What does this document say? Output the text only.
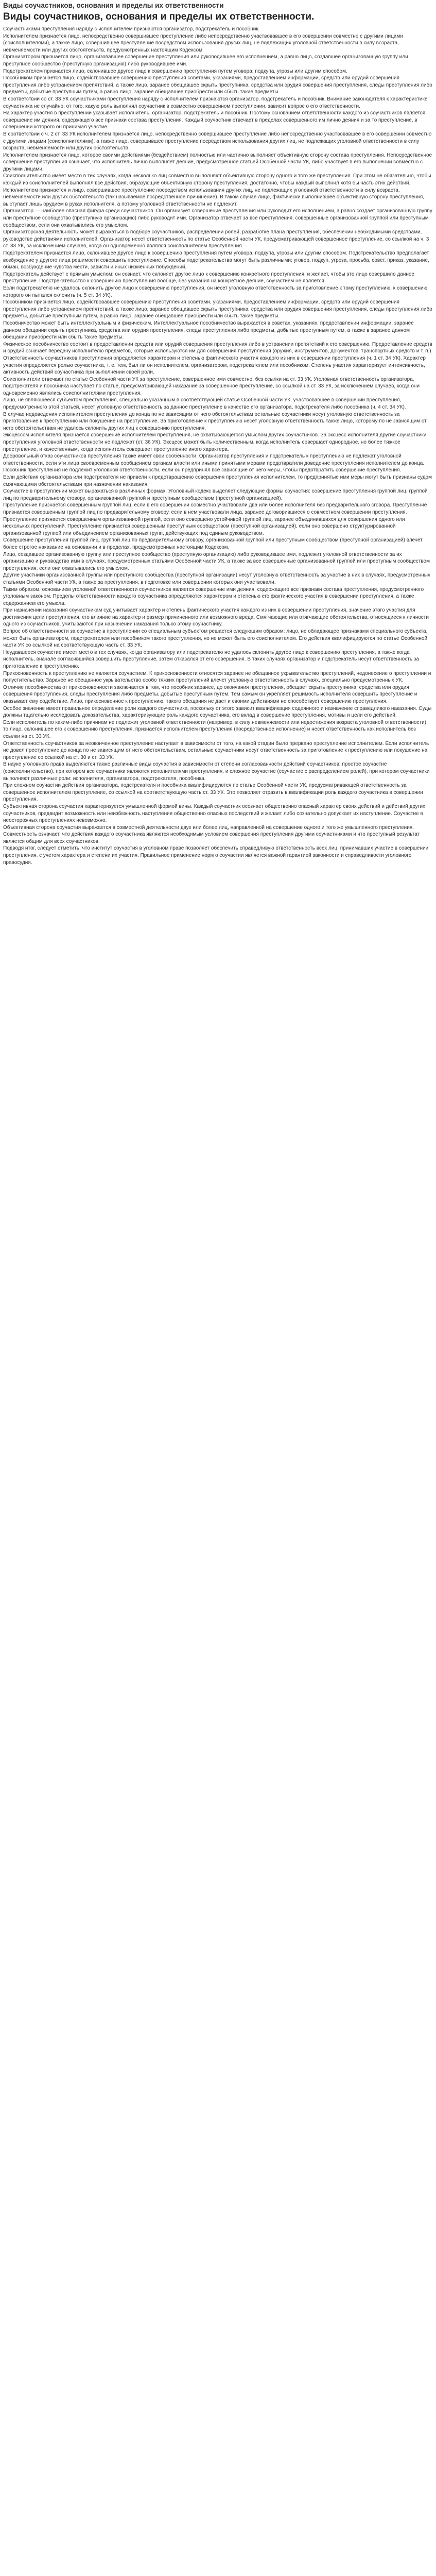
Виды соучастников, основания и пределы их ответственности
Виды соучастников, основания и пределы их ответственности.

Соучастниками преступления наряду с исполнителем признаются организатор, подстрекатель и пособник.

Исполнителем признается лицо, непосредственно совершившее преступление либо непосредственно участвовавшее в его совершении совместно с другими лицами (соисполнителями), а также лицо, совершившее преступление посредством использования других лиц, не подлежащих уголовной ответственности в силу возраста, невменяемости или других обстоятельств, предусмотренных настоящим Кодексом.

Организатором признается лицо, организовавшее совершение преступления или руководившее его исполнением, а равно лицо, создавшее организованную группу или преступное сообщество (преступную организацию) либо руководившее ими.

Подстрекателем признается лицо, склонившее другое лицо к совершению преступления путем уговора, подкупа, угрозы или другим способом.

Пособником признается лицо, содействовавшее совершению преступления советами, указаниями, предоставлением информации, средств или орудий совершения преступления либо устранением препятствий, а также лицо, заранее обещавшее скрыть преступника, средства или орудия совершения преступления, следы преступления либо предметы, добытые преступным путем, а равно лицо, заранее обещавшее приобрести или сбыть такие предметы.

В соответствии со ст. 33 УК соучастниками преступления наряду с исполнителем признаются организатор, подстрекатель и пособник. Внимание законодателя к характеристике соучастника не случайно: от того, какую роль выполнял соучастник в совместно совершенном преступлении, зависит вопрос о его ответственности.

На характер участия в преступлении указывает исполнитель, организатор, подстрекатель и пособник. Поэтому основанием ответственности каждого из соучастников является совершение им деяния, содержащего все признаки состава преступления. Каждый соучастник отвечает в пределах совершенного им лично деяния и за то преступление, в совершении которого он принимал участие.

В соответствии с ч. 2 ст. 33 УК исполнителем признается лицо, непосредственно совершившее преступление либо непосредственно участвовавшее в его совершении совместно с другими лицами (соисполнителями), а также лицо, совершившее преступление посредством использования других лиц, не подлежащих уголовной ответственности в силу возраста, невменяемости или других обстоятельств.

Исполнителем признается лицо, которое своими действиями (бездействием) полностью или частично выполняет объективную сторону состава преступления. Непосредственное совершение преступления означает, что исполнитель лично выполняет деяние, предусмотренное статьей Особенной части УК, либо участвует в его выполнении совместно с другими лицами.

Соисполнительство имеет место в тех случаях, когда несколько лиц совместно выполняют объективную сторону одного и того же преступления. При этом не обязательно, чтобы каждый из соисполнителей выполнял все действия, образующие объективную сторону преступления; достаточно, чтобы каждый выполнил хотя бы часть этих действий.

Исполнителем признается и лицо, совершившее преступление посредством использования других лиц, не подлежащих уголовной ответственности в силу возраста, невменяемости или других обстоятельств (так называемое посредственное причинение). В таком случае лицо, фактически выполнившее объективную сторону преступления, выступает лишь орудием в руках исполнителя, а потому уголовной ответственности не подлежит.

Организатор — наиболее опасная фигура среди соучастников. Он организует совершение преступления или руководит его исполнением, а равно создает организованную группу или преступное сообщество (преступную организацию) либо руководит ими. Организатор отвечает за все преступления, совершенные организованной группой или преступным сообществом, если они охватывались его умыслом.

Организаторская деятельность может выражаться в подборе соучастников, распределении ролей, разработке плана преступления, обеспечении необходимыми средствами, руководстве действиями исполнителей. Организатор несет ответственность по статье Особенной части УК, предусматривающей совершенное преступление, со ссылкой на ч. 3 ст. 33 УК, за исключением случаев, когда он одновременно являлся соисполнителем преступления.

Подстрекателем признается лицо, склонившее другое лицо к совершению преступления путем уговора, подкупа, угрозы или другим способом. Подстрекательство предполагает возбуждение у другого лица решимости совершить преступление. Способы подстрекательства могут быть различными: уговор, подкуп, угроза, просьба, совет, приказ, указание, обман, возбуждение чувства мести, зависти и иных низменных побуждений.

Подстрекатель действует с прямым умыслом: он сознает, что склоняет другое лицо к совершению конкретного преступления, и желает, чтобы это лицо совершило данное преступление. Подстрекательство к совершению преступления вообще, без указания на конкретное деяние, соучастием не является.

Если подстрекателю не удалось склонить другое лицо к совершению преступления, он несет уголовную ответственность за приготовление к тому преступлению, к совершению которого он пытался склонить (ч. 5 ст. 34 УК).

Пособником признается лицо, содействовавшее совершению преступления советами, указаниями, предоставлением информации, средств или орудий совершения преступления либо устранением препятствий, а также лицо, заранее обещавшее скрыть преступника, средства или орудия совершения преступления, следы преступления либо предметы, добытые преступным путем, а равно лицо, заранее обещавшее приобрести или сбыть такие предметы.

Пособничество может быть интеллектуальным и физическим. Интеллектуальное пособничество выражается в советах, указаниях, предоставлении информации, заранее данном обещании скрыть преступника, средства или орудия преступления, следы преступления либо предметы, добытые преступным путем, а также в заранее данном обещании приобрести или сбыть такие предметы.

Физическое пособничество состоит в предоставлении средств или орудий совершения преступления либо в устранении препятствий к его совершению. Предоставление средств и орудий означает передачу исполнителю предметов, которые используются им для совершения преступления (оружия, инструментов, документов, транспортных средств и т. п.).

Ответственность соучастников преступления определяется характером и степенью фактического участия каждого из них в совершении преступления (ч. 1 ст. 34 УК). Характер участия определяется ролью соучастника, т. е. тем, был ли он исполнителем, организатором, подстрекателем или пособником. Степень участия характеризует интенсивность, активность действий соучастника при выполнении своей роли.

Соисполнители отвечают по статье Особенной части УК за преступление, совершенное ими совместно, без ссылки на ст. 33 УК. Уголовная ответственность организатора, подстрекателя и пособника наступает по статье, предусматривающей наказание за совершенное преступление, со ссылкой на ст. 33 УК, за исключением случаев, когда они одновременно являлись соисполнителями преступления.

Лицо, не являющееся субъектом преступления, специально указанным в соответствующей статье Особенной части УК, участвовавшее в совершении преступления, предусмотренного этой статьей, несет уголовную ответственность за данное преступление в качестве его организатора, подстрекателя либо пособника (ч. 4 ст. 34 УК).

В случае недоведения исполнителем преступления до конца по не зависящим от него обстоятельствам остальные соучастники несут уголовную ответственность за приготовление к преступлению или покушение на преступление. За приготовление к преступлению несет уголовную ответственность также лицо, которому по не зависящим от него обстоятельствам не удалось склонить других лиц к совершению преступления.

Эксцессом исполнителя признается совершение исполнителем преступления, не охватывающегося умыслом других соучастников. За эксцесс исполнителя другие соучастники преступления уголовной ответственности не подлежат (ст. 36 УК). Эксцесс может быть количественным, когда исполнитель совершает однородное, но более тяжкое преступление, и качественным, когда исполнитель совершает преступление иного характера.

Добровольный отказ соучастников преступления также имеет свои особенности. Организатор преступления и подстрекатель к преступлению не подлежат уголовной ответственности, если эти лица своевременным сообщением органам власти или иными принятыми мерами предотвратили доведение преступления исполнителем до конца. Пособник преступления не подлежит уголовной ответственности, если он предпринял все зависящие от него меры, чтобы предотвратить совершение преступления.

Если действия организатора или подстрекателя не привели к предотвращению совершения преступления исполнителем, то предпринятые ими меры могут быть признаны судом смягчающими обстоятельствами при назначении наказания.

Соучастие в преступлении может выражаться в различных формах. Уголовный кодекс выделяет следующие формы соучастия: совершение преступления группой лиц, группой лиц по предварительному сговору, организованной группой и преступным сообществом (преступной организацией).

Преступление признается совершенным группой лиц, если в его совершении совместно участвовали два или более исполнителя без предварительного сговора. Преступление признается совершенным группой лиц по предварительному сговору, если в нем участвовали лица, заранее договорившиеся о совместном совершении преступления.

Преступление признается совершенным организованной группой, если оно совершено устойчивой группой лиц, заранее объединившихся для совершения одного или нескольких преступлений. Преступление признается совершенным преступным сообществом (преступной организацией), если оно совершено структурированной организованной группой или объединением организованных групп, действующих под единым руководством.

Совершение преступления группой лиц, группой лиц по предварительному сговору, организованной группой или преступным сообществом (преступной организацией) влечет более строгое наказание на основании и в пределах, предусмотренных настоящим Кодексом.

Лицо, создавшее организованную группу или преступное сообщество (преступную организацию) либо руководившее ими, подлежит уголовной ответственности за их организацию и руководство ими в случаях, предусмотренных статьями Особенной части УК, а также за все совершенные организованной группой или преступным сообществом преступления, если они охватывались его умыслом.

Другие участники организованной группы или преступного сообщества (преступной организации) несут уголовную ответственность за участие в них в случаях, предусмотренных статьями Особенной части УК, а также за преступления, в подготовке или совершении которых они участвовали.

Таким образом, основанием уголовной ответственности соучастников является совершение ими деяния, содержащего все признаки состава преступления, предусмотренного уголовным законом. Пределы ответственности каждого соучастника определяются характером и степенью его фактического участия в совершении преступления, а также содержанием его умысла.

При назначении наказания соучастникам суд учитывает характер и степень фактического участия каждого из них в совершении преступления, значение этого участия для достижения цели преступления, его влияние на характер и размер причиненного или возможного вреда. Смягчающие или отягчающие обстоятельства, относящиеся к личности одного из соучастников, учитываются при назначении наказания только этому соучастнику.

Вопрос об ответственности за соучастие в преступлении со специальным субъектом решается следующим образом: лицо, не обладающее признаками специального субъекта, может быть организатором, подстрекателем или пособником такого преступления, но не может быть его соисполнителем. Его действия квалифицируются по статье Особенной части УК со ссылкой на соответствующую часть ст. 33 УК.

Неудавшееся соучастие имеет место в тех случаях, когда организатору или подстрекателю не удалось склонить другое лицо к совершению преступления, а также когда исполнитель, вначале согласившийся совершить преступление, затем отказался от его совершения. В таких случаях организатор и подстрекатель несут ответственность за приготовление к преступлению.

Прикосновенность к преступлению не является соучастием. К прикосновенности относятся заранее не обещанное укрывательство преступлений, недонесение о преступлении и попустительство. Заранее не обещанное укрывательство особо тяжких преступлений влечет уголовную ответственность в случаях, специально предусмотренных УК.

Отличие пособничества от прикосновенности заключается в том, что пособник заранее, до окончания преступления, обещает скрыть преступника, средства или орудия совершения преступления, следы преступления либо предметы, добытые преступным путем. Тем самым он укрепляет решимость исполнителя совершить преступление и оказывает ему содействие. Лицо, прикосновенное к преступлению, такого обещания не дает и своими действиями не способствует совершению преступления.

Особое значение имеет правильное определение роли каждого соучастника, поскольку от этого зависит квалификация содеянного и назначение справедливого наказания. Суды должны тщательно исследовать доказательства, характеризующие роль каждого соучастника, его вклад в совершение преступления, мотивы и цели его действий.

Если исполнитель по каким-либо причинам не подлежит уголовной ответственности (например, в силу невменяемости или недостижения возраста уголовной ответственности), то лицо, склонившее его к совершению преступления, признается исполнителем преступления (посредственное исполнение) и несет ответственность как исполнитель без ссылки на ст. 33 УК.

Ответственность соучастников за неоконченное преступление наступает в зависимости от того, на какой стадии было прервано преступление исполнителем. Если исполнитель не довел преступление до конца по не зависящим от него обстоятельствам, остальные соучастники несут ответственность за приготовление к преступлению или покушение на преступление со ссылкой на ст. 30 и ст. 33 УК.

В науке уголовного права выделяются также различные виды соучастия в зависимости от степени согласованности действий соучастников: простое соучастие (соисполнительство), при котором все соучастники являются исполнителями преступления, и сложное соучастие (соучастие с распределением ролей), при котором соучастники выполняют различные роли: исполнителя, организатора, подстрекателя, пособника.

При сложном соучастии действия организатора, подстрекателя и пособника квалифицируются по статье Особенной части УК, предусматривающей ответственность за совершенное исполнителем преступление, со ссылкой на соответствующую часть ст. 33 УК. Это позволяет отразить в квалификации роль каждого соучастника в совершении преступления.

Субъективная сторона соучастия характеризуется умышленной формой вины. Каждый соучастник осознает общественно опасный характер своих действий и действий других соучастников, предвидит возможность или неизбежность наступления общественно опасных последствий и желает либо сознательно допускает их наступление. Соучастие в неосторожных преступлениях невозможно.

Объективная сторона соучастия выражается в совместной деятельности двух или более лиц, направленной на совершение одного и того же умышленного преступления. Совместность означает, что действия каждого соучастника являются необходимым условием совершения преступления другими соучастниками и что преступный результат является общим для всех соучастников.

Подводя итог, следует отметить, что институт соучастия в уголовном праве позволяет обеспечить справедливую ответственность всех лиц, принимавших участие в совершении преступления, с учетом характера и степени их участия. Правильное применение норм о соучастии является важной гарантией законности и справедливости уголовного правосудия.
